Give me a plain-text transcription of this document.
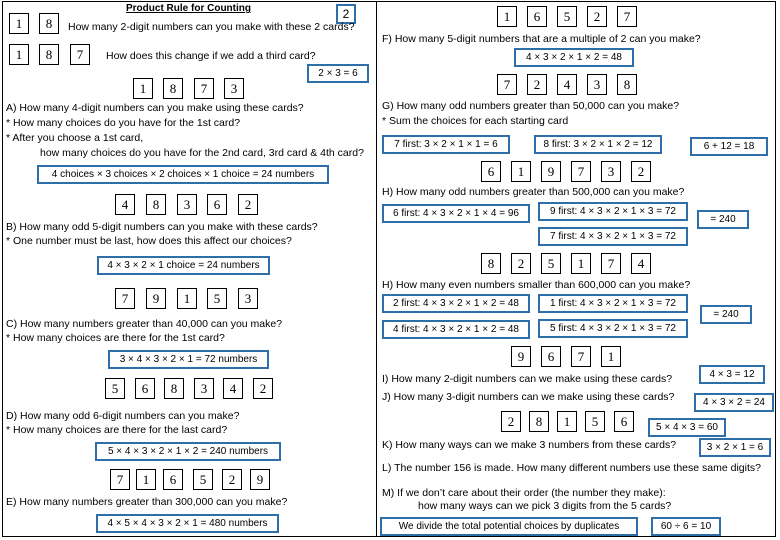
Product Rule for Counting	2
1	8	How many 2-digit numbers can you make with these 2 cards?
1	8	7	How does this change if we add a third card?
2 × 3 = 6
1	8	7	3
A) How many 4-digit numbers can you make using these cards?
* How many choices do you have for the 1st card?
* After you choose a 1st card,
how many choices do you have for the 2nd card, 3rd card & 4th card?
4 choices × 3 choices × 2 choices × 1 choice = 24 numbers
4	8	3	6	2
B) How many odd 5-digit numbers can you make with these cards?
* One number must be last, how does this affect our choices?
4 × 3 × 2 × 1 choice = 24 numbers
7	9	1	5	3
C) How many numbers greater than 40,000 can you make?
* How many choices are there for the 1st card?
3 × 4 × 3 × 2 × 1 = 72 numbers
5	6	8	3	4	2
D) How many odd 6-digit numbers can you make?
* How many choices are there for the last card?
5 × 4 × 3 × 2 × 1 × 2 = 240 numbers
7	1	6	5	2	9
E) How many numbers greater than 300,000 can you make?
4 × 5 × 4 × 3 × 2 × 1 = 480 numbers
1	6	5	2	7
F) How many 5-digit numbers that are a multiple of 2 can you make?
4 × 3 × 2 × 1 × 2 = 48
7	2	4	3	8
G) How many odd numbers greater than 50,000 can you make?
* Sum the choices for each starting card
7 first: 3 × 2 × 1 × 1 = 6	8 first: 3 × 2 × 1 × 2 = 12	6 + 12 = 18
6	1	9	7	3	2
H) How many odd numbers greater than 500,000 can you make?
6 first: 4 × 3 × 2 × 1 × 4 = 96	9 first: 4 × 3 × 2 × 1 × 3 = 72
7 first: 4 × 3 × 2 × 1 × 3 = 72
= 240
8	2	5	1	7	4
H) How many even numbers smaller than 600,000 can you make?
2 first: 4 × 3 × 2 × 1 × 2 = 48	1 first: 4 × 3 × 2 × 1 × 3 = 72
4 first: 4 × 3 × 2 × 1 × 2 = 48	5 first: 4 × 3 × 2 × 1 × 3 = 72
= 240
9	6	7	1
I) How many 2-digit numbers can we make using these cards?	4 × 3 = 12
J) How many 3-digit numbers can we make using these cards?	4 × 3 × 2 = 24
2	8	1	5	6	5 × 4 × 3 = 60
K) How many ways can we make 3 numbers from these cards?	3 × 2 × 1 = 6
L) The number 156 is made. How many different numbers use these same digits?
M) If we don’t care about their order (the number they make):
how many ways can we pick 3 digits from the 5 cards?
We divide the total potential choices by duplicates	60 ÷ 6 = 10
